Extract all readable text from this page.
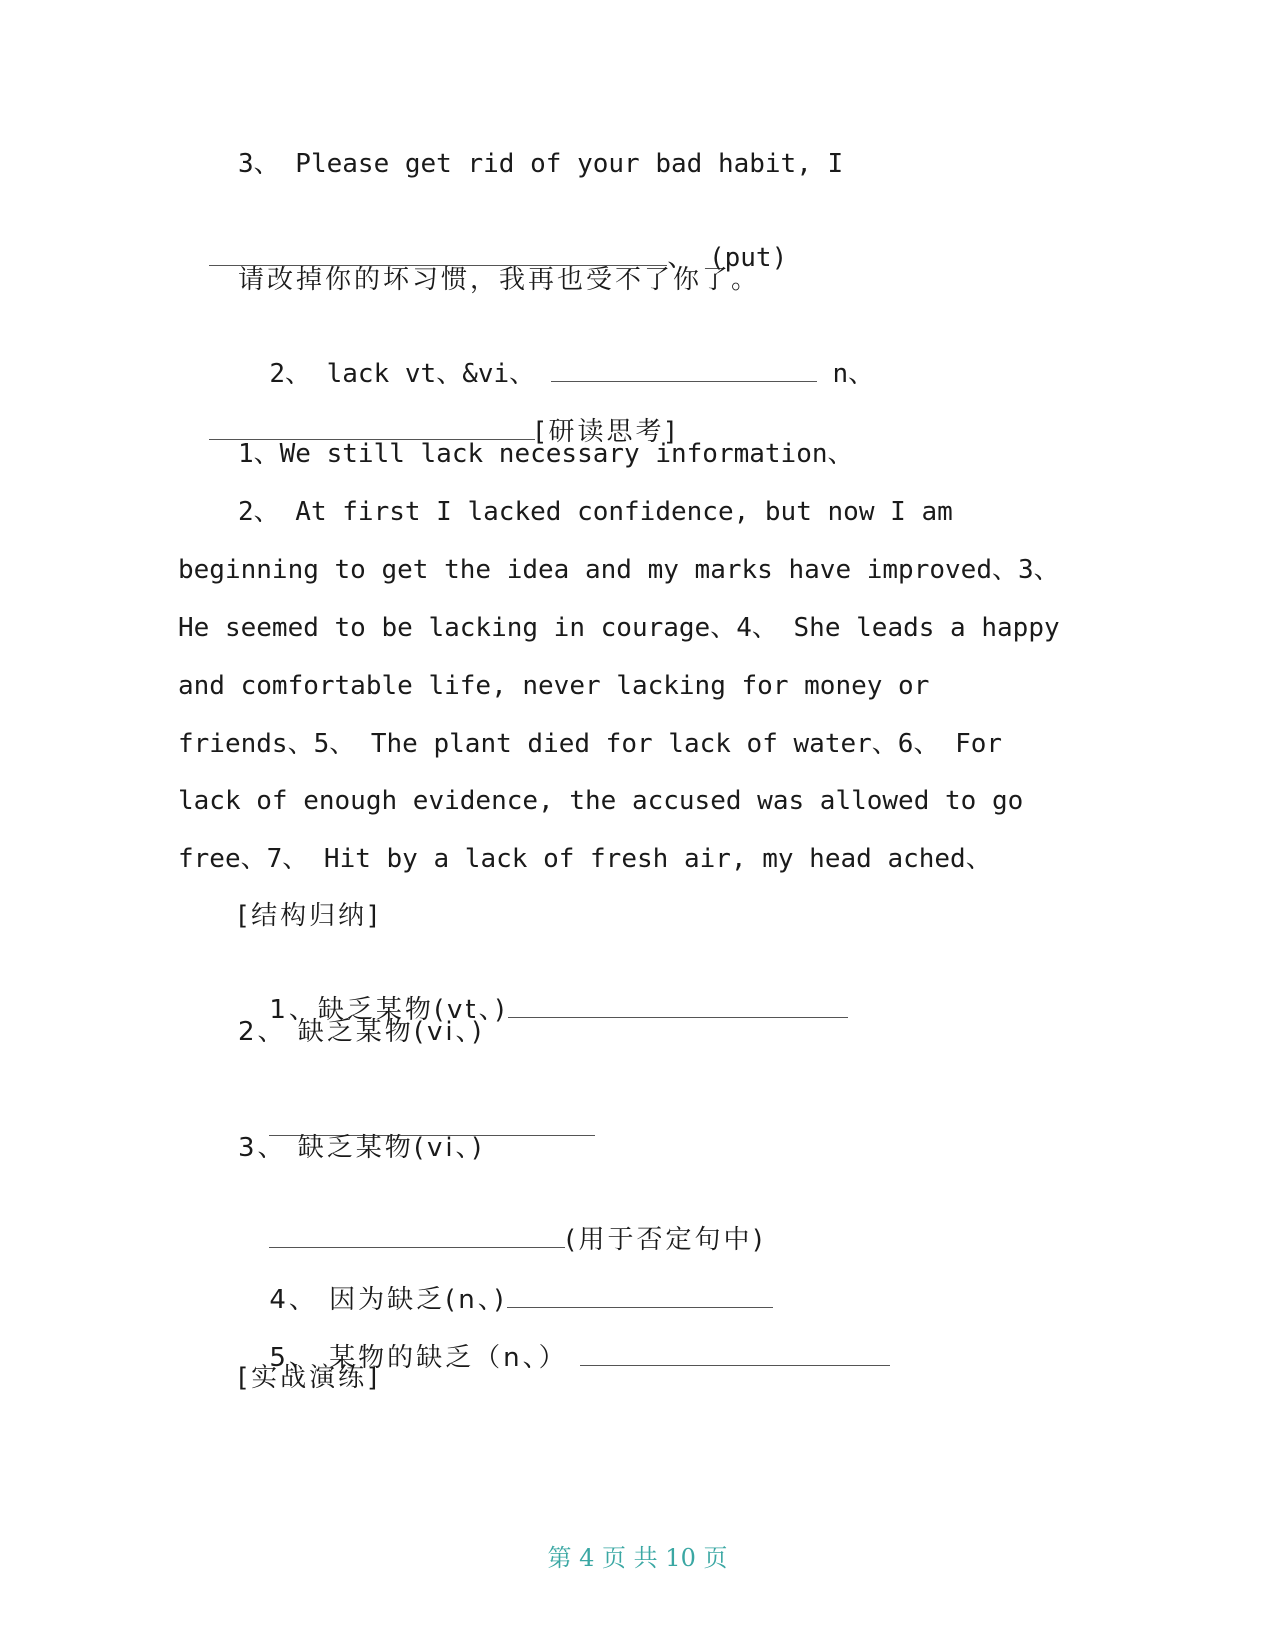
3、 Please get rid of your bad habit, I

、 (put)

请改掉你的坏习惯，我再也受不了你了。

2、 lack vt、&vi、	n、

[研读思考]

1、We still lack necessary information、
2、 At first I lacked confidence, but now I am
beginning to get the idea and my marks have improved、3、
He seemed to be lacking in courage、4、 She leads a happy
and comfortable life, never lacking for money or
friends、5、 The plant died for lack of water、6、 For
lack of enough evidence, the accused was allowed to go
free、7、 Hit by a lack of fresh air, my head ached、
[结构归纳]

1、缺乏某物(vt、)

2、 缺乏某物(vi、)

3、 缺乏某物(vi、)

(用于否定句中)

4、 因为缺乏(n、)

5、 某物的缺乏（n、）

[实战演练]
第 4 页 共 10 页
